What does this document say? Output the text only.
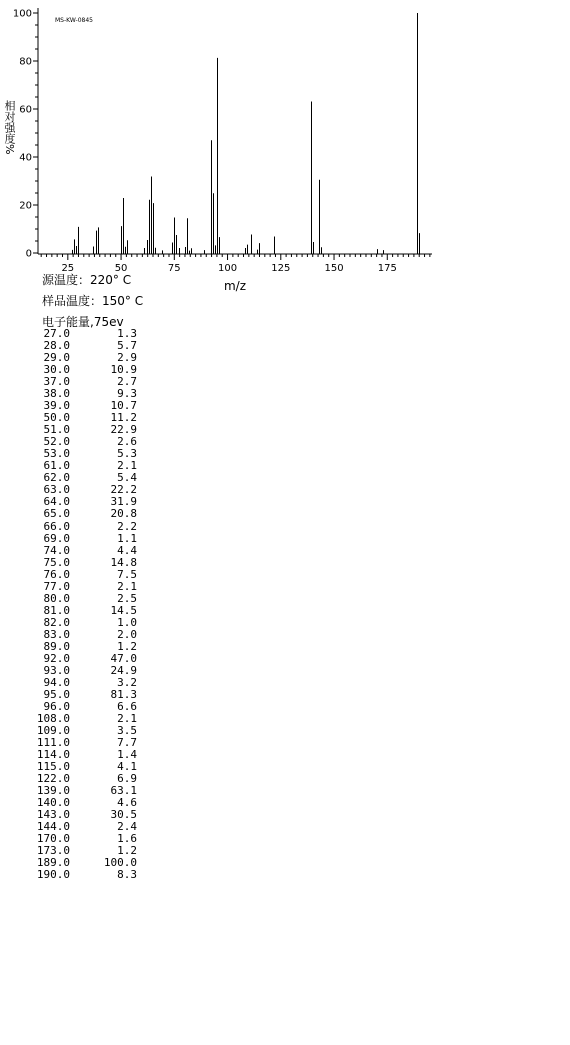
MS-KW-0845
25	50	75	100	125	150	175
0
20
40
60
80
100
m/z
相对强度%
源温度：220° C
样品温度：150° C
电子能量,75ev
27.0	1.3
28.0	5.7
29.0	2.9
30.0	10.9
37.0	2.7
38.0	9.3
39.0	10.7
50.0	11.2
51.0	22.9
52.0	2.6
53.0	5.3
61.0	2.1
62.0	5.4
63.0	22.2
64.0	31.9
65.0	20.8
66.0	2.2
69.0	1.1
74.0	4.4
75.0	14.8
76.0	7.5
77.0	2.1
80.0	2.5
81.0	14.5
82.0	1.0
83.0	2.0
89.0	1.2
92.0	47.0
93.0	24.9
94.0	3.2
95.0	81.3
96.0	6.6
108.0	2.1
109.0	3.5
111.0	7.7
114.0	1.4
115.0	4.1
122.0	6.9
139.0	63.1
140.0	4.6
143.0	30.5
144.0	2.4
170.0	1.6
173.0	1.2
189.0	100.0
190.0	8.3
